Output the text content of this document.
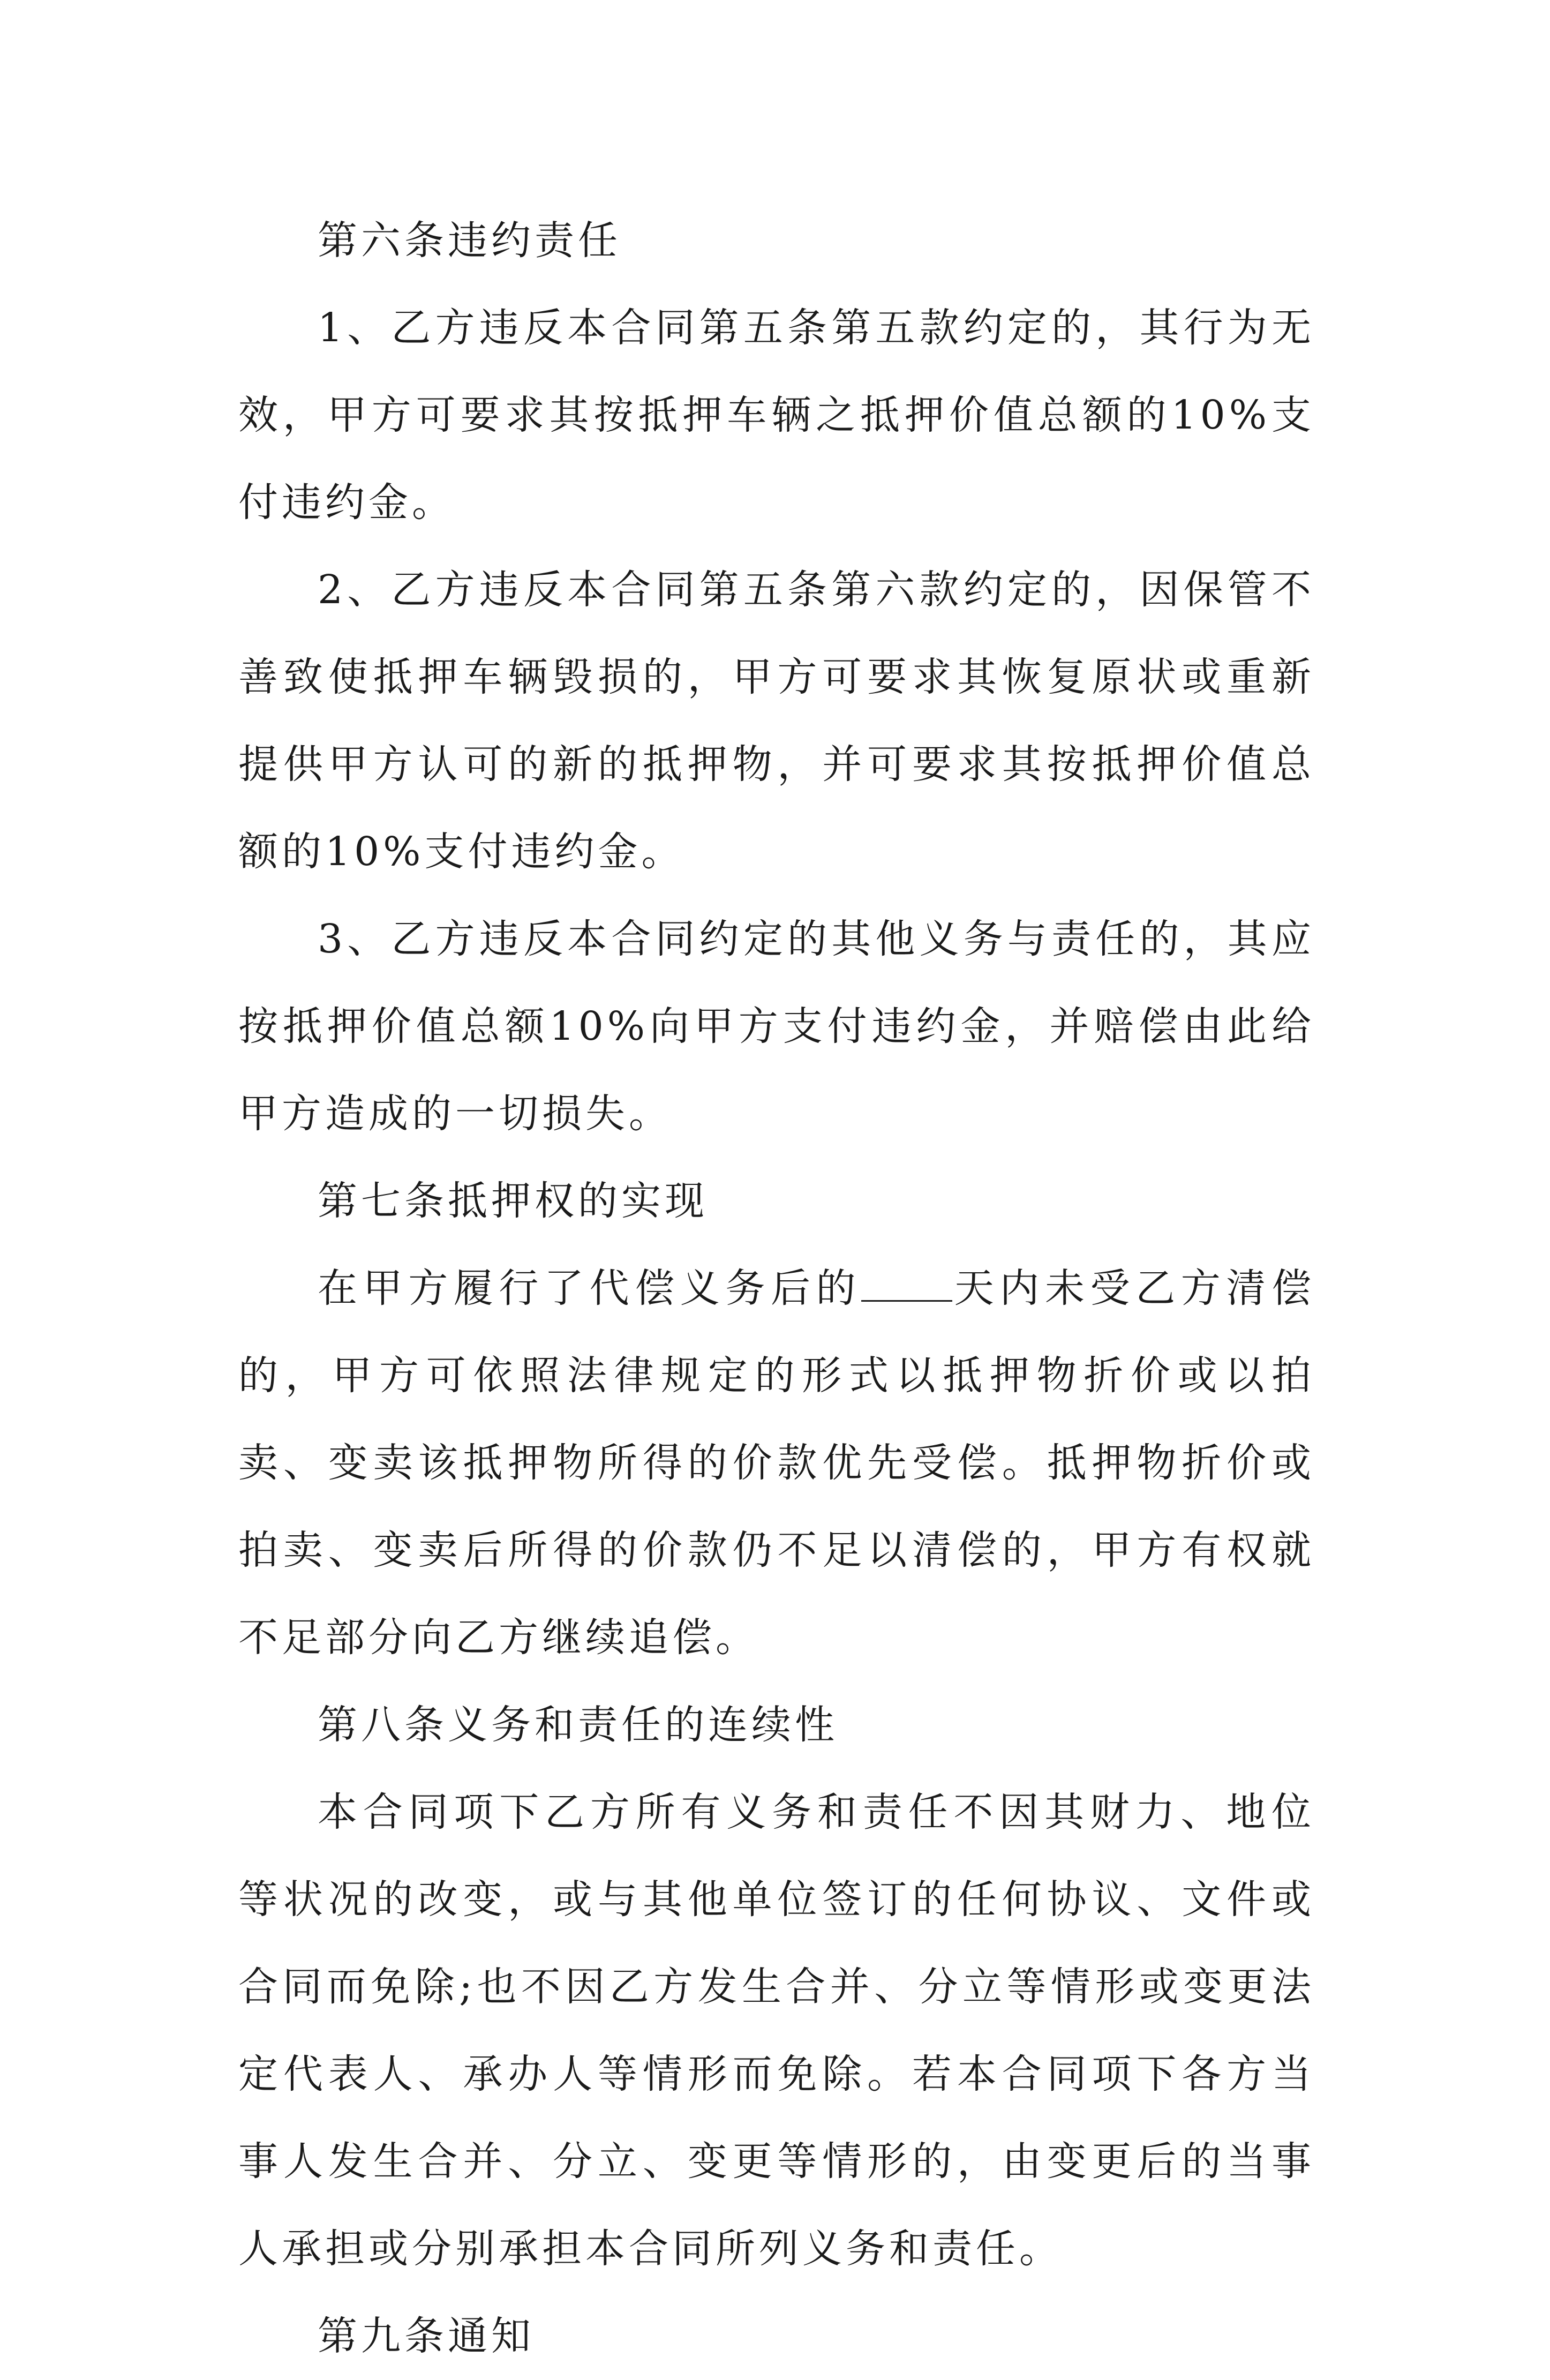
第六条违约责任

1、乙方违反本合同第五条第五款约定的，其行为无效，甲方可要求其按抵押车辆之抵押价值总额的10%支付违约金。

2、乙方违反本合同第五条第六款约定的，因保管不善致使抵押车辆毁损的，甲方可要求其恢复原状或重新提供甲方认可的新的抵押物，并可要求其按抵押价值总额的10%支付违约金。

3、乙方违反本合同约定的其他义务与责任的，其应按抵押价值总额10%向甲方支付违约金，并赔偿由此给甲方造成的一切损失。

第七条抵押权的实现

在甲方履行了代偿义务后的 天内未受乙方清偿的，甲方可依照法律规定的形式以抵押物折价或以拍卖、变卖该抵押物所得的价款优先受偿。抵押物折价或拍卖、变卖后所得的价款仍不足以清偿的，甲方有权就不足部分向乙方继续追偿。

第八条义务和责任的连续性

本合同项下乙方所有义务和责任不因其财力、地位等状况的改变，或与其他单位签订的任何协议、文件或合同而免除;也不因乙方发生合并、分立等情形或变更法定代表人、承办人等情形而免除。若本合同项下各方当事人发生合并、分立、变更等情形的，由变更后的当事人承担或分别承担本合同所列义务和责任。

第九条通知
